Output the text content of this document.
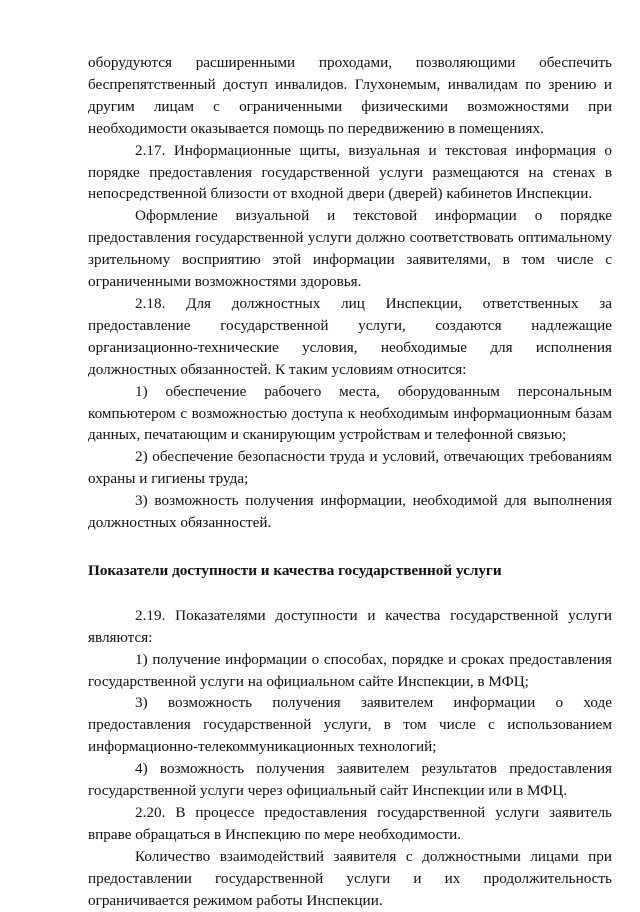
оборудуются расширенными проходами, позволяющими обеспечить беспрепятственный доступ инвалидов. Глухонемым, инвалидам по зрению и другим лицам с ограниченными физическими возможностями при необходимости оказывается помощь по передвижению в помещениях.

2.17. Информационные щиты, визуальная и текстовая информация о порядке предоставления государственной услуги размещаются на стенах в непосредственной близости от входной двери (дверей) кабинетов Инспекции.

Оформление визуальной и текстовой информации о порядке предоставления государственной услуги должно соответствовать оптимальному зрительному восприятию этой информации заявителями, в том числе с ограниченными возможностями здоровья.

2.18. Для должностных лиц Инспекции, ответственных за предоставление государственной услуги, создаются надлежащие организационно-технические условия, необходимые для исполнения должностных обязанностей. К таким условиям относится:

1) обеспечение рабочего места, оборудованным персональным компьютером с возможностью доступа к необходимым информационным базам данных, печатающим и сканирующим устройствам и телефонной связью;

2) обеспечение безопасности труда и условий, отвечающих требованиям охраны и гигиены труда;

3) возможность получения информации, необходимой для выполнения должностных обязанностей.

Показатели доступности и качества государственной услуги

2.19. Показателями доступности и качества государственной услуги являются:

1) получение информации о способах, порядке и сроках предоставления государственной услуги на официальном сайте Инспекции, в МФЦ;

3) возможность получения заявителем информации о ходе предоставления государственной услуги, в том числе с использованием информационно-телекоммуникационных технологий;

4) возможность получения заявителем результатов предоставления государственной услуги через официальный сайт Инспекции или в МФЦ.

2.20. В процессе предоставления государственной услуги заявитель вправе обращаться в Инспекцию по мере необходимости.

Количество взаимодействий заявителя с должностными лицами при предоставлении государственной услуги и их продолжительность ограничивается режимом работы Инспекции.
